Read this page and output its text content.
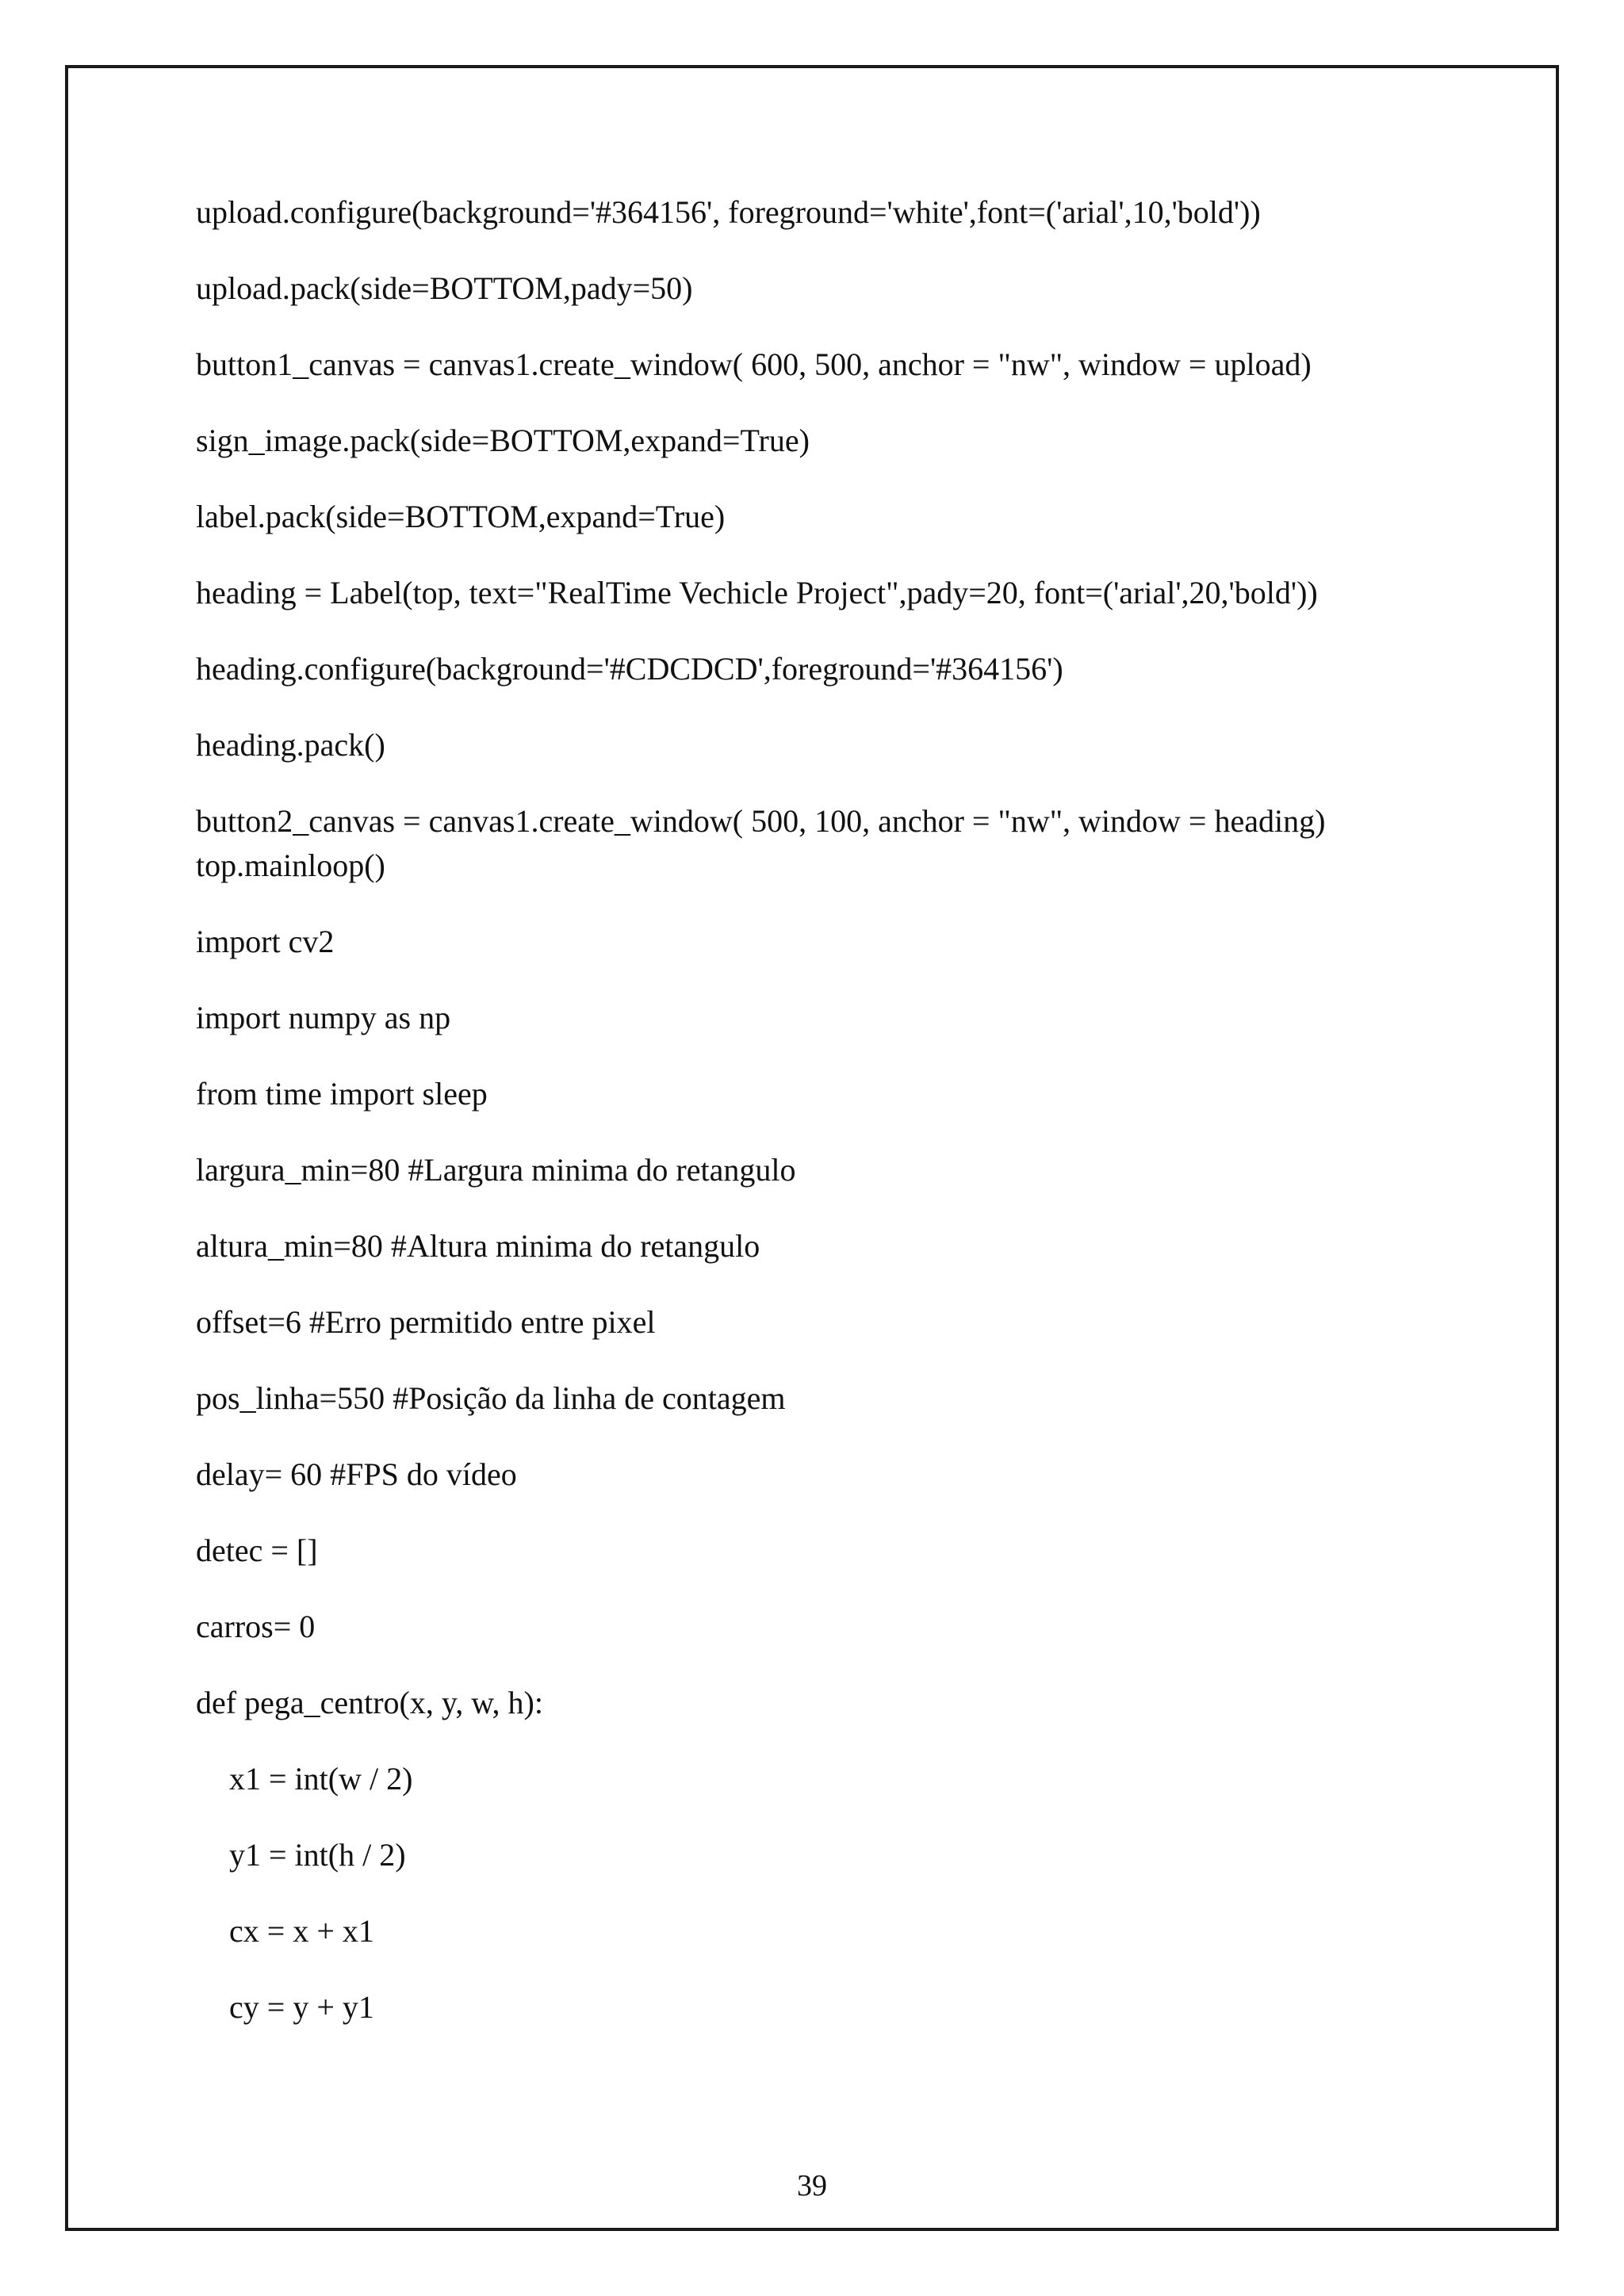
upload.configure(background='#364156', foreground='white',font=('arial',10,'bold'))
upload.pack(side=BOTTOM,pady=50)
button1_canvas = canvas1.create_window( 600, 500, anchor = "nw", window = upload)
sign_image.pack(side=BOTTOM,expand=True)
label.pack(side=BOTTOM,expand=True)
heading = Label(top, text="RealTime Vechicle Project",pady=20, font=('arial',20,'bold'))
heading.configure(background='#CDCDCD',foreground='#364156')
heading.pack()
button2_canvas = canvas1.create_window( 500, 100, anchor = "nw", window = heading)
top.mainloop()
import cv2
import numpy as np
from time import sleep
largura_min=80 #Largura minima do retangulo
altura_min=80 #Altura minima do retangulo
offset=6 #Erro permitido entre pixel
pos_linha=550 #Posição da linha de contagem
delay= 60 #FPS do vídeo
detec = []
carros= 0
def pega_centro(x, y, w, h):
x1 = int(w / 2)
y1 = int(h / 2)
cx = x + x1
cy = y + y1
39
